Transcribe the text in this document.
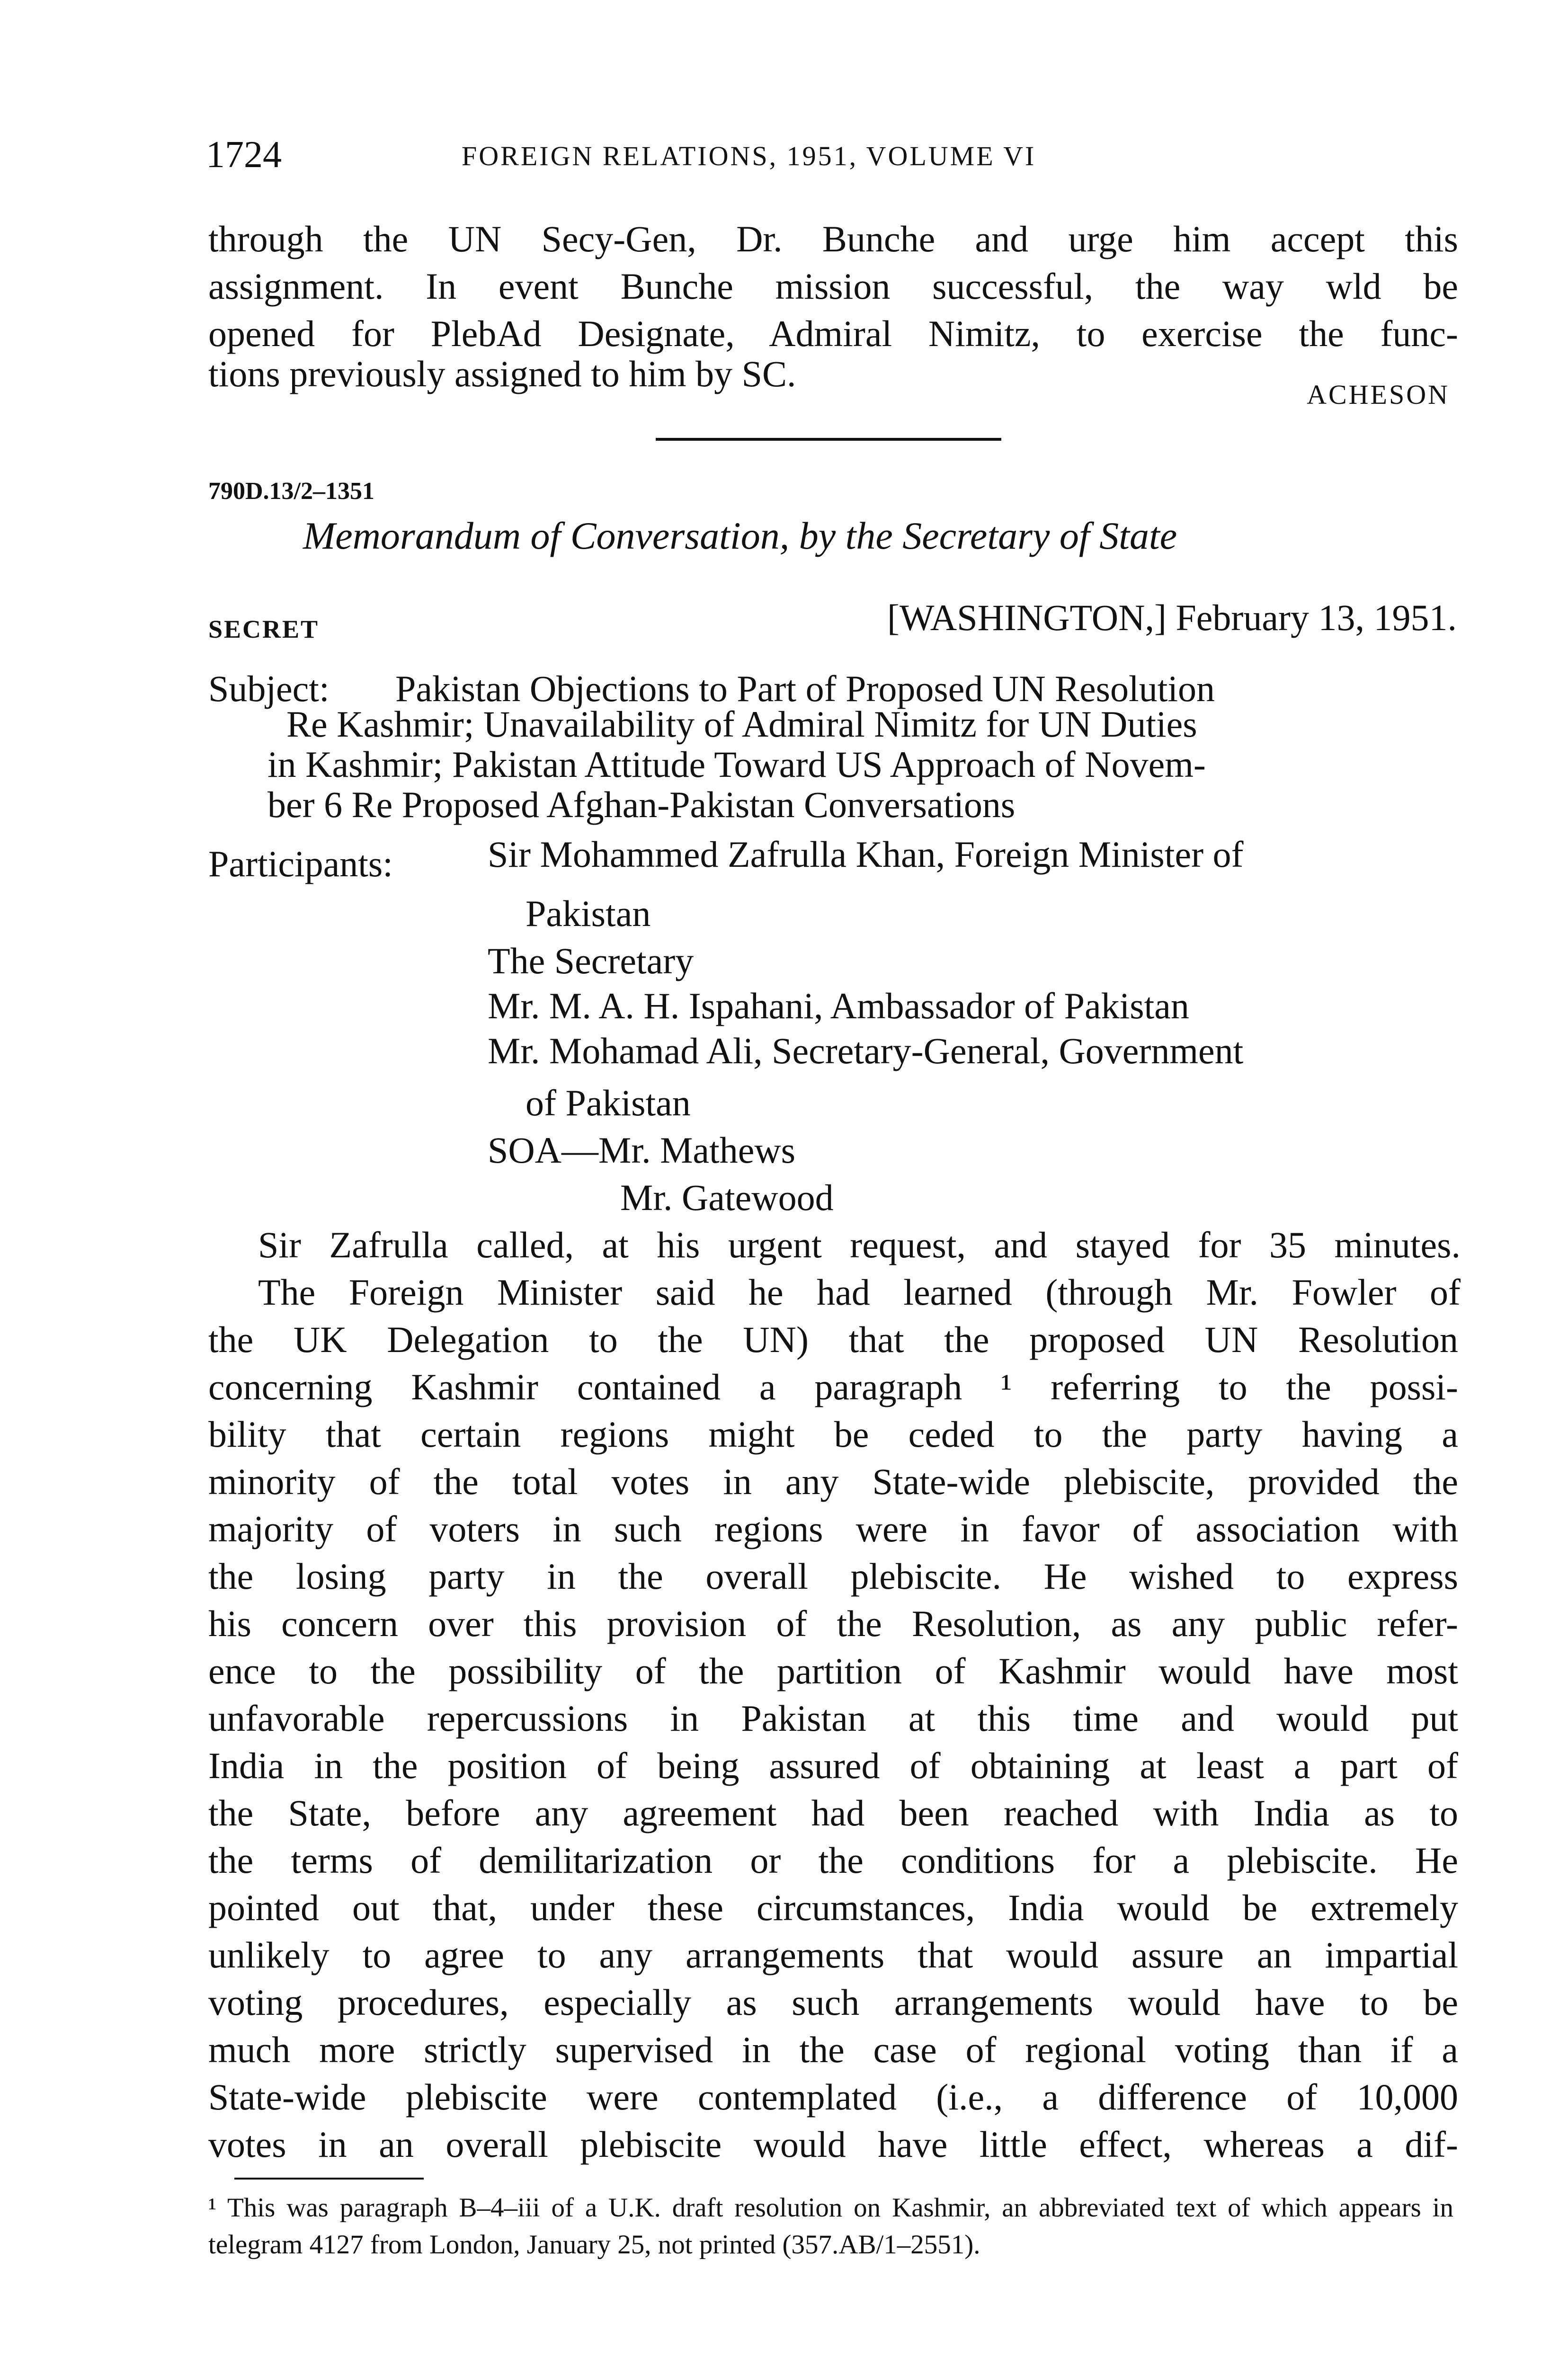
1724	FOREIGN RELATIONS, 1951, VOLUME VI
through the UN Secy-Gen, Dr. Bunche and urge him accept this
assignment. In event Bunche mission successful, the way wld be
opened for PlebAd Designate, Admiral Nimitz, to exercise the func-
tions previously assigned to him by SC.
ACHESON
790D.13/2–1351
Memorandum of Conversation, by the Secretary of State
SECRET	[WASHINGTON,] February 13, 1951.
Subject: Pakistan Objections to Part of Proposed UN Resolution
Re Kashmir; Unavailability of Admiral Nimitz for UN Duties
in Kashmir; Pakistan Attitude Toward US Approach of Novem-
ber 6 Re Proposed Afghan-Pakistan Conversations
Participants:	Sir Mohammed Zafrulla Khan, Foreign Minister of
Pakistan
The Secretary
Mr. M. A. H. Ispahani, Ambassador of Pakistan
Mr. Mohamad Ali, Secretary-General, Government
of Pakistan
SOA—Mr. Mathews
Mr. Gatewood
Sir Zafrulla called, at his urgent request, and stayed for 35 minutes.
The Foreign Minister said he had learned (through Mr. Fowler of
the UK Delegation to the UN) that the proposed UN Resolution
concerning Kashmir contained a paragraph ¹ referring to the possi-
bility that certain regions might be ceded to the party having a
minority of the total votes in any State-wide plebiscite, provided the
majority of voters in such regions were in favor of association with
the losing party in the overall plebiscite. He wished to express
his concern over this provision of the Resolution, as any public refer-
ence to the possibility of the partition of Kashmir would have most
unfavorable repercussions in Pakistan at this time and would put
India in the position of being assured of obtaining at least a part of
the State, before any agreement had been reached with India as to
the terms of demilitarization or the conditions for a plebiscite. He
pointed out that, under these circumstances, India would be extremely
unlikely to agree to any arrangements that would assure an impartial
voting procedures, especially as such arrangements would have to be
much more strictly supervised in the case of regional voting than if a
State-wide plebiscite were contemplated (i.e., a difference of 10,000
votes in an overall plebiscite would have little effect, whereas a dif-
¹ This was paragraph B–4–iii of a U.K. draft resolution on Kashmir, an abbreviated text of which appears in telegram 4127 from London, January 25, not printed (357.AB/1–2551).
